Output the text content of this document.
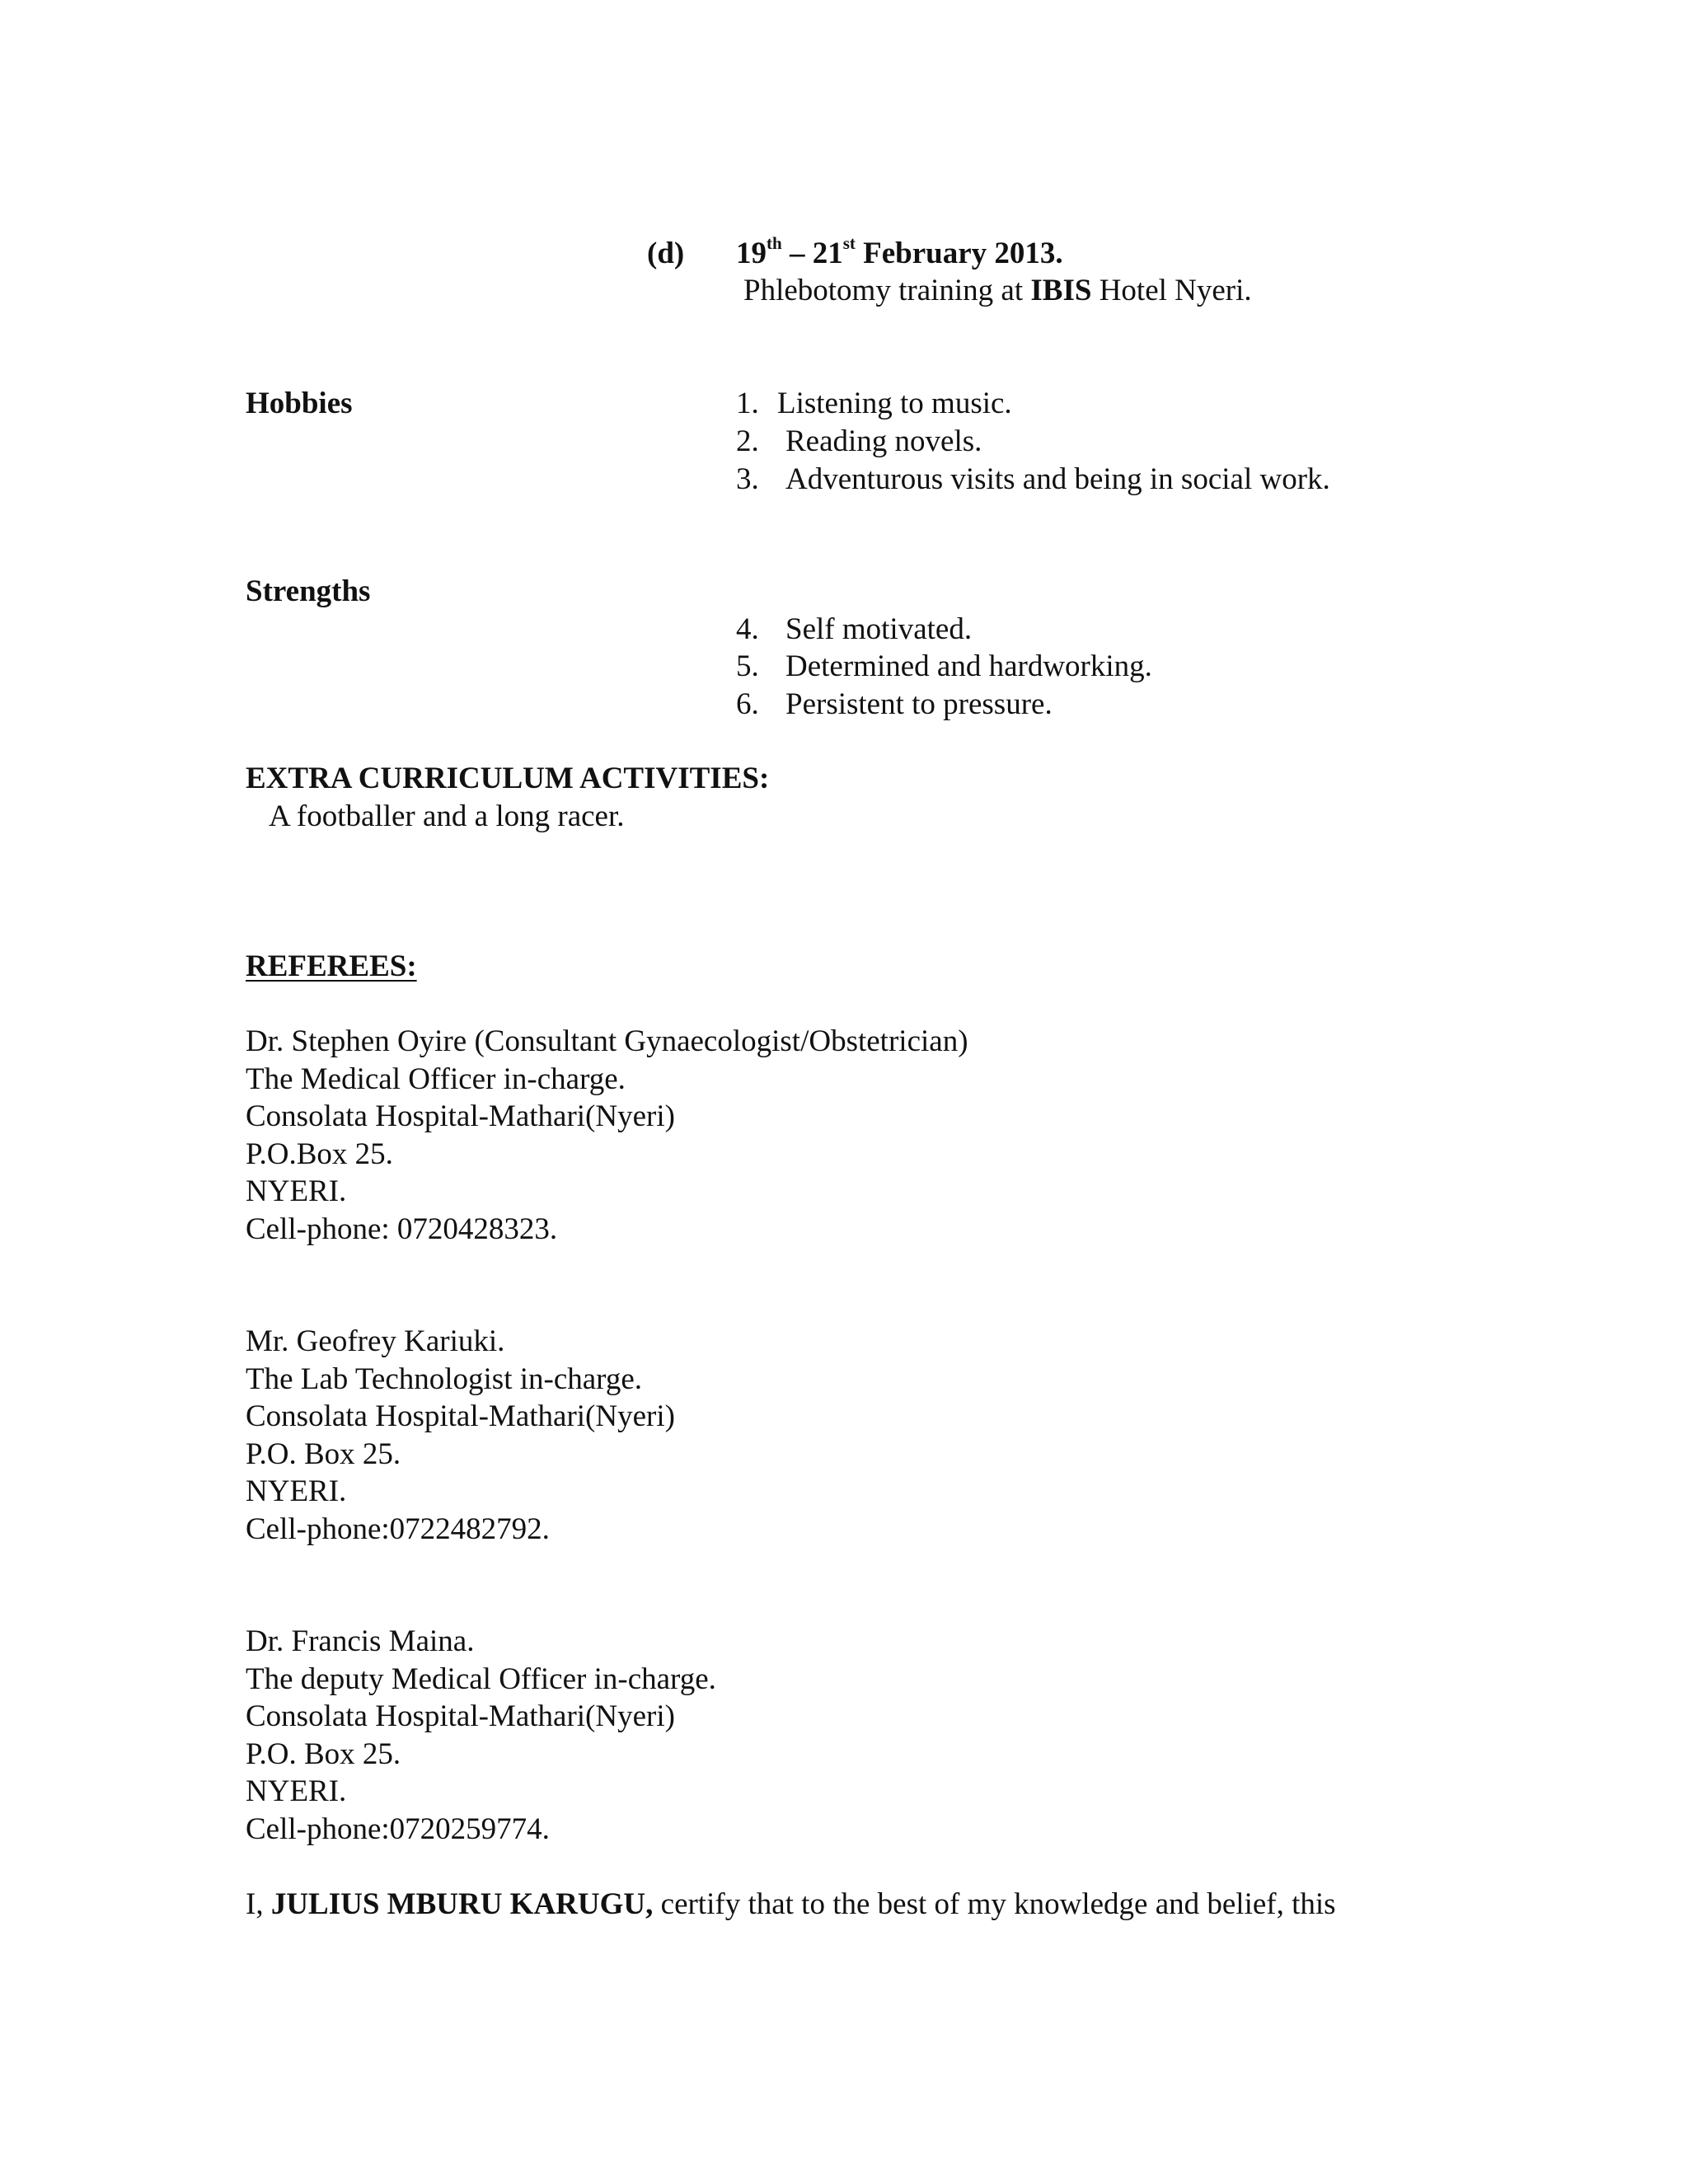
(d) 19th – 21st February 2013.
Phlebotomy training at IBIS Hotel Nyeri.
Hobbies	1. Listening to music.
2. Reading novels.
3. Adventurous visits and being in social work.
Strengths
4. Self motivated.
5. Determined and hardworking.
6. Persistent to pressure.
EXTRA CURRICULUM ACTIVITIES:
A footballer and a long racer.
REFEREES:
Dr. Stephen Oyire (Consultant Gynaecologist/Obstetrician)
The Medical Officer in-charge.
Consolata Hospital-Mathari(Nyeri)
P.O.Box 25.
NYERI.
Cell-phone: 0720428323.
Mr. Geofrey Kariuki.
The Lab Technologist in-charge.
Consolata Hospital-Mathari(Nyeri)
P.O. Box 25.
NYERI.
Cell-phone:0722482792.
Dr. Francis Maina.
The deputy Medical Officer in-charge.
Consolata Hospital-Mathari(Nyeri)
P.O. Box 25.
NYERI.
Cell-phone:0720259774.
I, JULIUS MBURU KARUGU, certify that to the best of my knowledge and belief, this
